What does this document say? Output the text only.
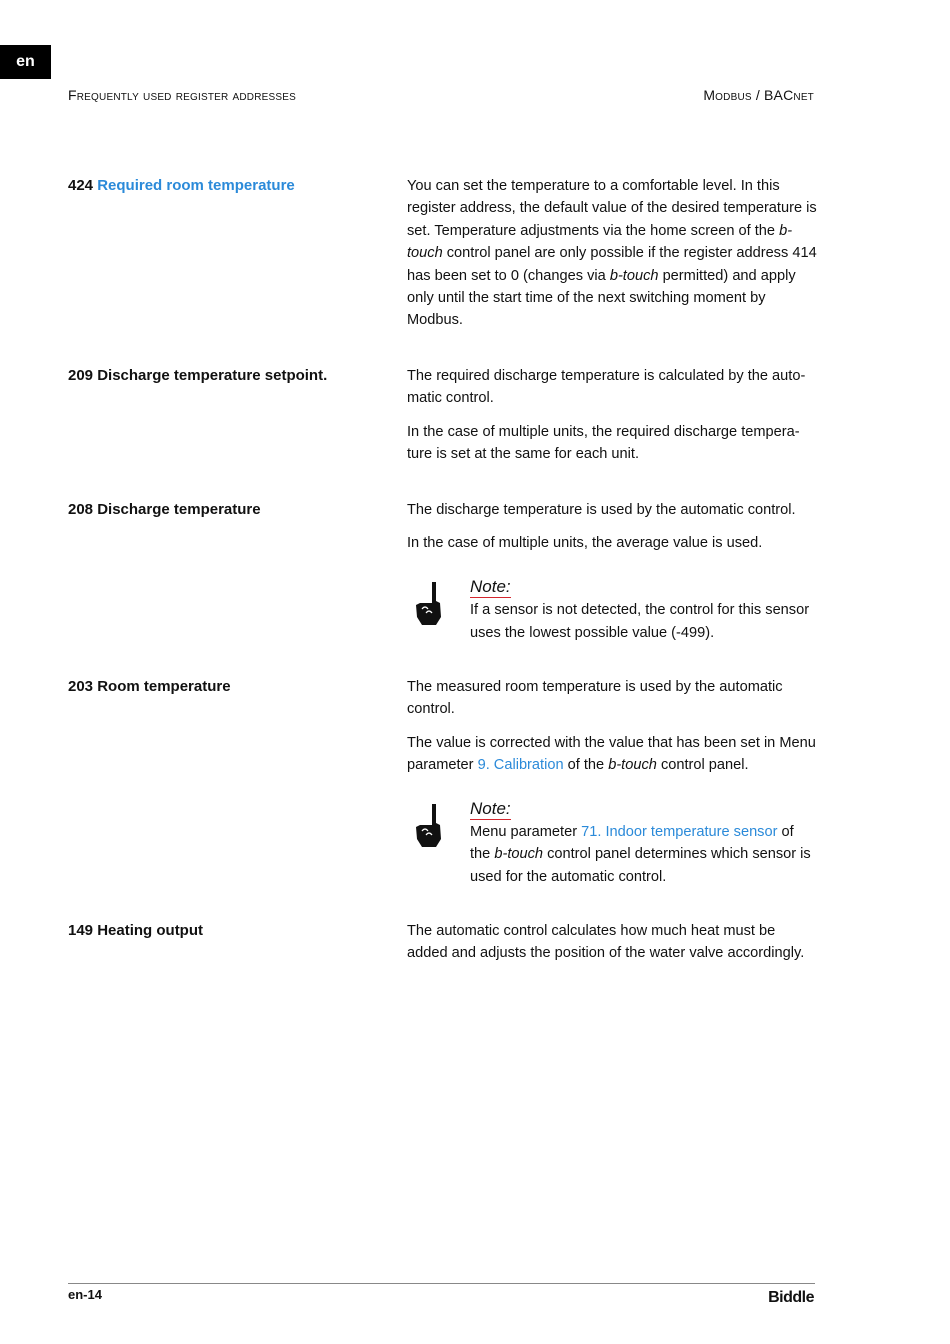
en
Frequently used register addresses	Modbus / BACnet
424 Required room temperature	You can set the temperature to a comfortable level. In this register address, the default value of the desired temperature is set. Temperature adjustments via the home screen of the b-touch control panel are only possible if the register address 414 has been set to 0 (changes via b-touch permitted) and apply only until the start time of the next switching moment by Modbus.

209 Discharge temperature setpoint.	The required discharge temperature is calculated by the auto-matic control.

In the case of multiple units, the required discharge tempera-ture is set at the same for each unit.

208 Discharge temperature	The discharge temperature is used by the automatic control.

In the case of multiple units, the average value is used.

Note:
If a sensor is not detected, the control for this sensor uses the lowest possible value (-499).
203 Room temperature	The measured room temperature is used by the automatic control.

The value is corrected with the value that has been set in Menu parameter 9. Calibration of the b-touch control panel.

Note:
Menu parameter 71. Indoor temperature sensor of the b-touch control panel determines which sensor is used for the automatic control.
149 Heating output	The automatic control calculates how much heat must be added and adjusts the position of the water valve accordingly.

en-14	Biddle
